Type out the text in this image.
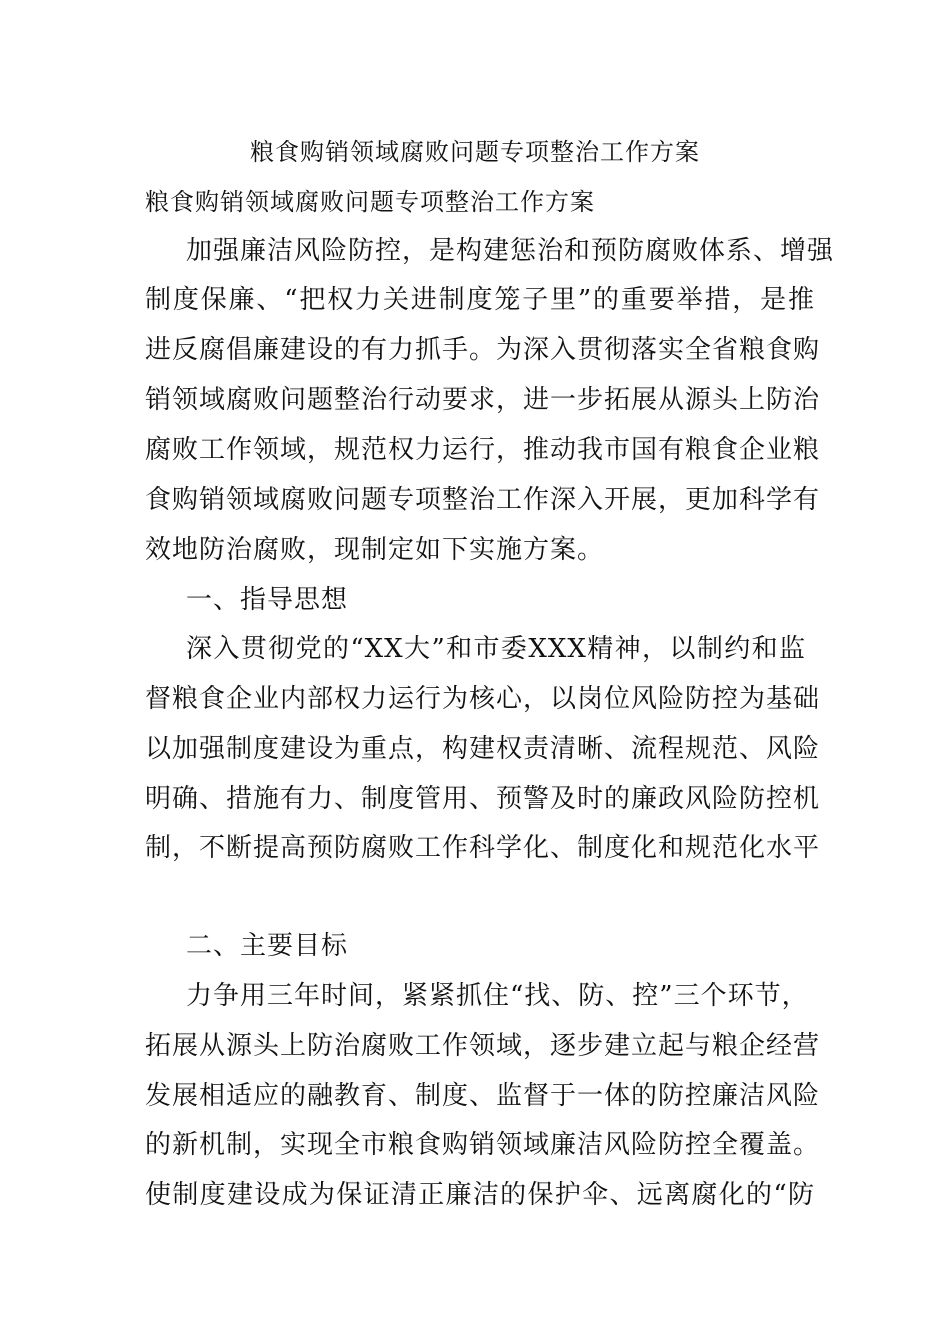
粮食购销领域腐败问题专项整治工作方案
粮食购销领域腐败问题专项整治工作方案
加强廉洁风险防控，是构建惩治和预防腐败体系、增强
制度保廉、“把权力关进制度笼子里”的重要举措，是推
进反腐倡廉建设的有力抓手。为深入贯彻落实全省粮食购
销领域腐败问题整治行动要求，进一步拓展从源头上防治
腐败工作领域，规范权力运行，推动我市国有粮食企业粮
食购销领域腐败问题专项整治工作深入开展，更加科学有
效地防治腐败，现制定如下实施方案。
一、指导思想
深入贯彻党的“XX大”和市委XXX精神，以制约和监
督粮食企业内部权力运行为核心，以岗位风险防控为基础
以加强制度建设为重点，构建权责清晰、流程规范、风险
明确、措施有力、制度管用、预警及时的廉政风险防控机
制，不断提高预防腐败工作科学化、制度化和规范化水平
二、主要目标
力争用三年时间，紧紧抓住“找、防、控”三个环节，
拓展从源头上防治腐败工作领域，逐步建立起与粮企经营
发展相适应的融教育、制度、监督于一体的防控廉洁风险
的新机制，实现全市粮食购销领域廉洁风险防控全覆盖。
使制度建设成为保证清正廉洁的保护伞、远离腐化的“防
